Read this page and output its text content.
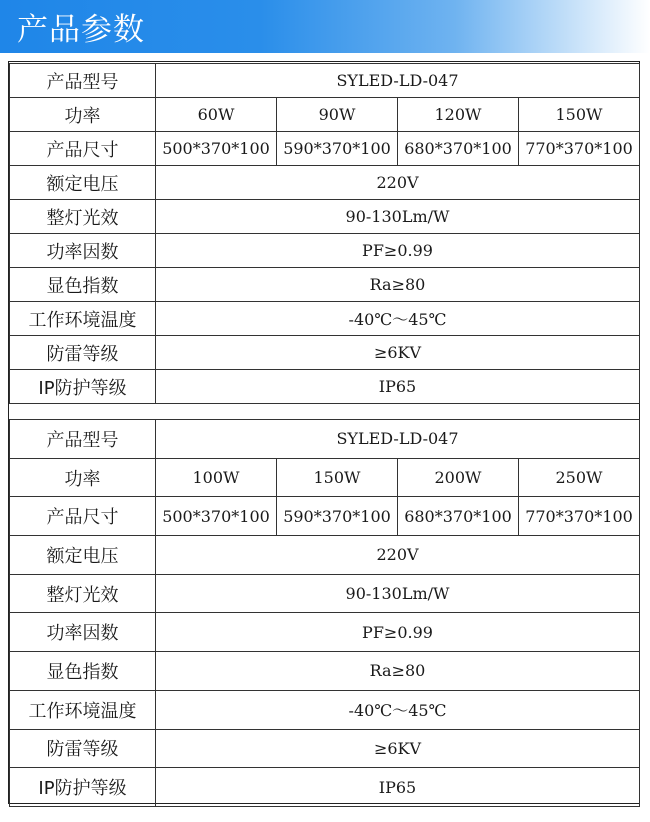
产品参数
产品型号	SYLED-LD-047			
功率	60W	90W	120W	150W
产品尺寸	500*370*100	590*370*100	680*370*100	770*370*100
额定电压	220V			
整灯光效	90-130Lm/W			
功率因数	PF≥0.99			
显色指数	Ra≥80			
工作环境温度	-40℃～45℃			
防雷等级	≥6KV			
IP防护等级	IP65			
产品型号	SYLED-LD-047			
功率	100W	150W	200W	250W
产品尺寸	500*370*100	590*370*100	680*370*100	770*370*100
额定电压	220V			
整灯光效	90-130Lm/W			
功率因数	PF≥0.99			
显色指数	Ra≥80			
工作环境温度	-40℃～45℃			
防雷等级	≥6KV			
IP防护等级	IP65			
